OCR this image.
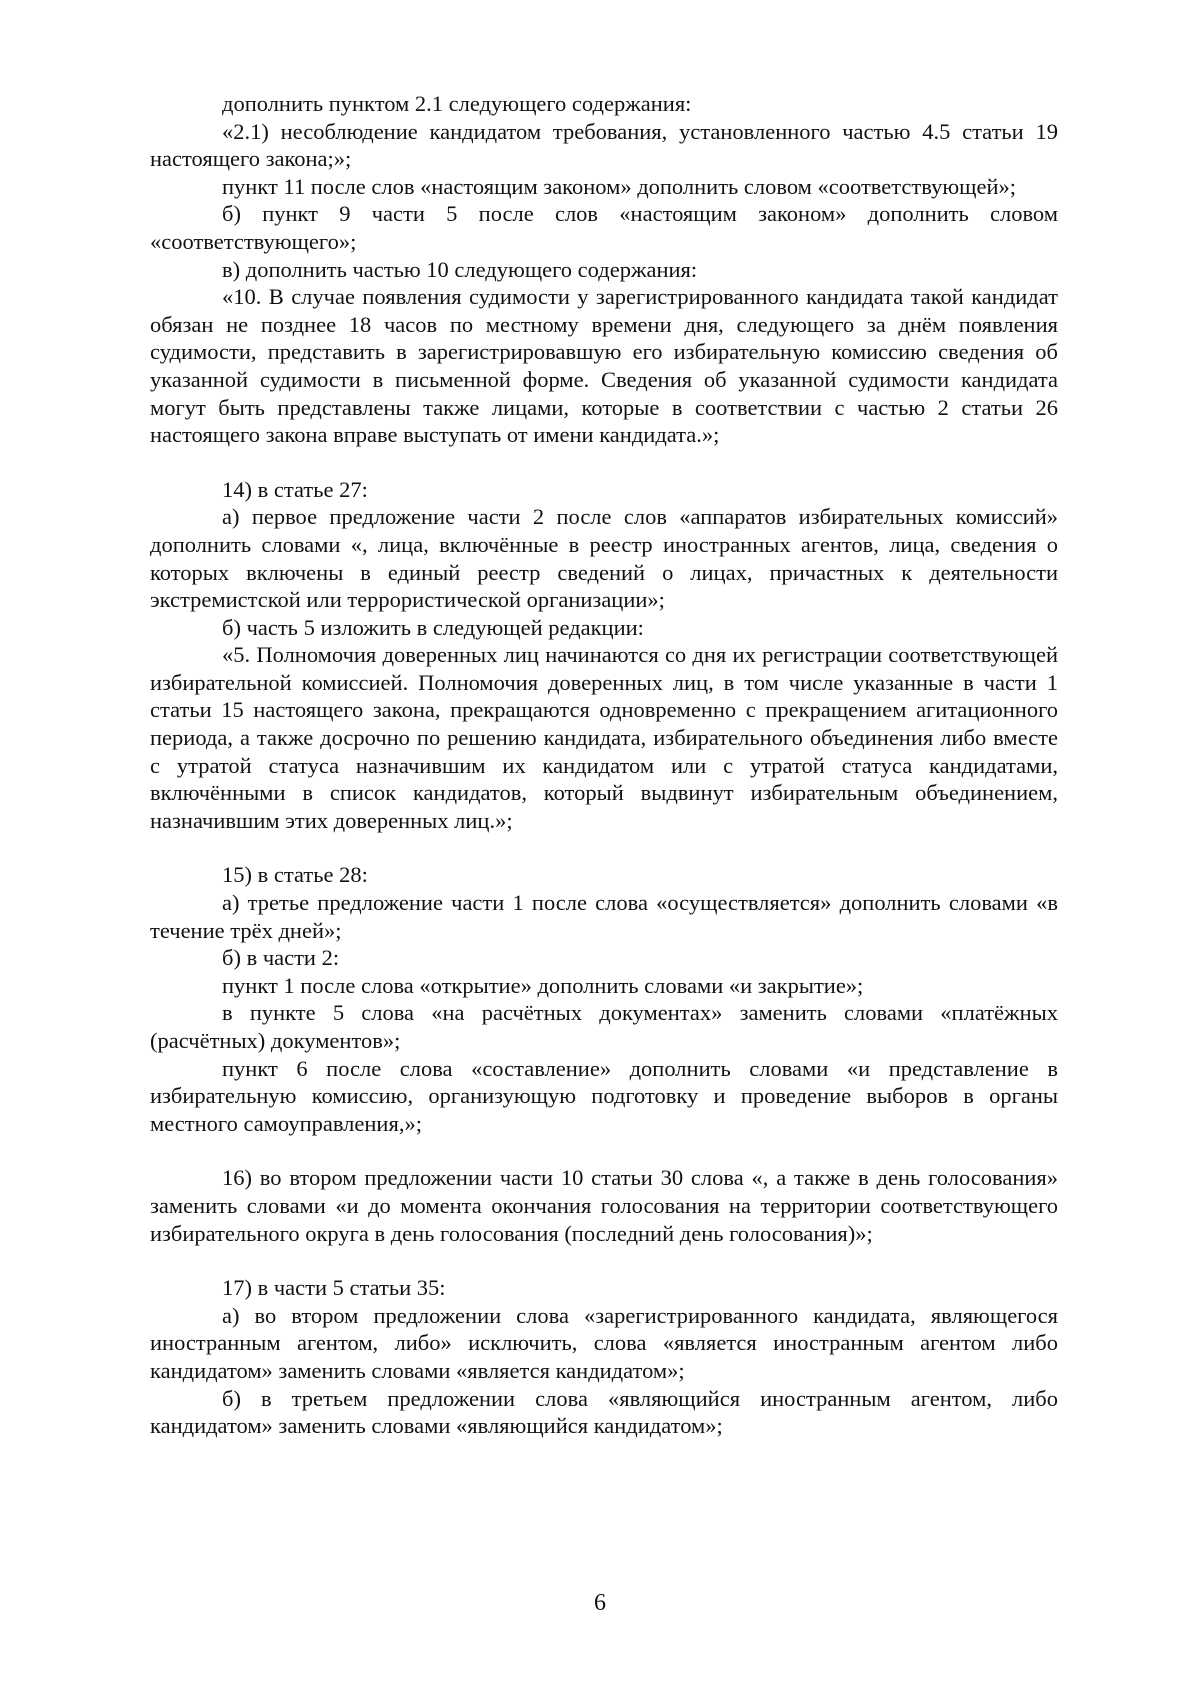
дополнить пунктом 2.1 следующего содержания:

«2.1) несоблюдение кандидатом требования, установленного частью 4.5 статьи 19 настоящего закона;»;

пункт 11 после слов «настоящим законом» дополнить словом «соответствующей»;

б) пункт 9 части 5 после слов «настоящим законом» дополнить словом «соответствующего»;

в) дополнить частью 10 следующего содержания:

«10. В случае появления судимости у зарегистрированного кандидата такой кандидат обязан не позднее 18 часов по местному времени дня, следующего за днём появления судимости, представить в зарегистрировавшую его избирательную комиссию сведения об указанной судимости в письменной форме. Сведения об указанной судимости кандидата могут быть представлены также лицами, которые в соответствии с частью 2 статьи 26 настоящего закона вправе выступать от имени кандидата.»;

14) в статье 27:

а) первое предложение части 2 после слов «аппаратов избирательных комиссий» дополнить словами «, лица, включённые в реестр иностранных агентов, лица, сведения о которых включены в единый реестр сведений о лицах, причастных к деятельности экстремистской или террористической организации»;

б) часть 5 изложить в следующей редакции:

«5. Полномочия доверенных лиц начинаются со дня их регистрации соответствующей избирательной комиссией. Полномочия доверенных лиц, в том числе указанные в части 1 статьи 15 настоящего закона, прекращаются одновременно с прекращением агитационного периода, а также досрочно по решению кандидата, избирательного объединения либо вместе с утратой статуса назначившим их кандидатом или с утратой статуса кандидатами, включёнными в список кандидатов, который выдвинут избирательным объединением, назначившим этих доверенных лиц.»;

15) в статье 28:

а) третье предложение части 1 после слова «осуществляется» дополнить словами «в течение трёх дней»;

б) в части 2:

пункт 1 после слова «открытие» дополнить словами «и закрытие»;

в пункте 5 слова «на расчётных документах» заменить словами «платёжных (расчётных) документов»;

пункт 6 после слова «составление» дополнить словами «и представление в избирательную комиссию, организующую подготовку и проведение выборов в органы местного самоуправления,»;

16) во втором предложении части 10 статьи 30 слова «, а также в день голосования» заменить словами «и до момента окончания голосования на территории соответствующего избирательного округа в день голосования (последний день голосования)»;

17) в части 5 статьи 35:

а) во втором предложении слова «зарегистрированного кандидата, являющегося иностранным агентом, либо» исключить, слова «является иностранным агентом либо кандидатом» заменить словами «является кандидатом»;

б) в третьем предложении слова «являющийся иностранным агентом, либо кандидатом» заменить словами «являющийся кандидатом»;

6
